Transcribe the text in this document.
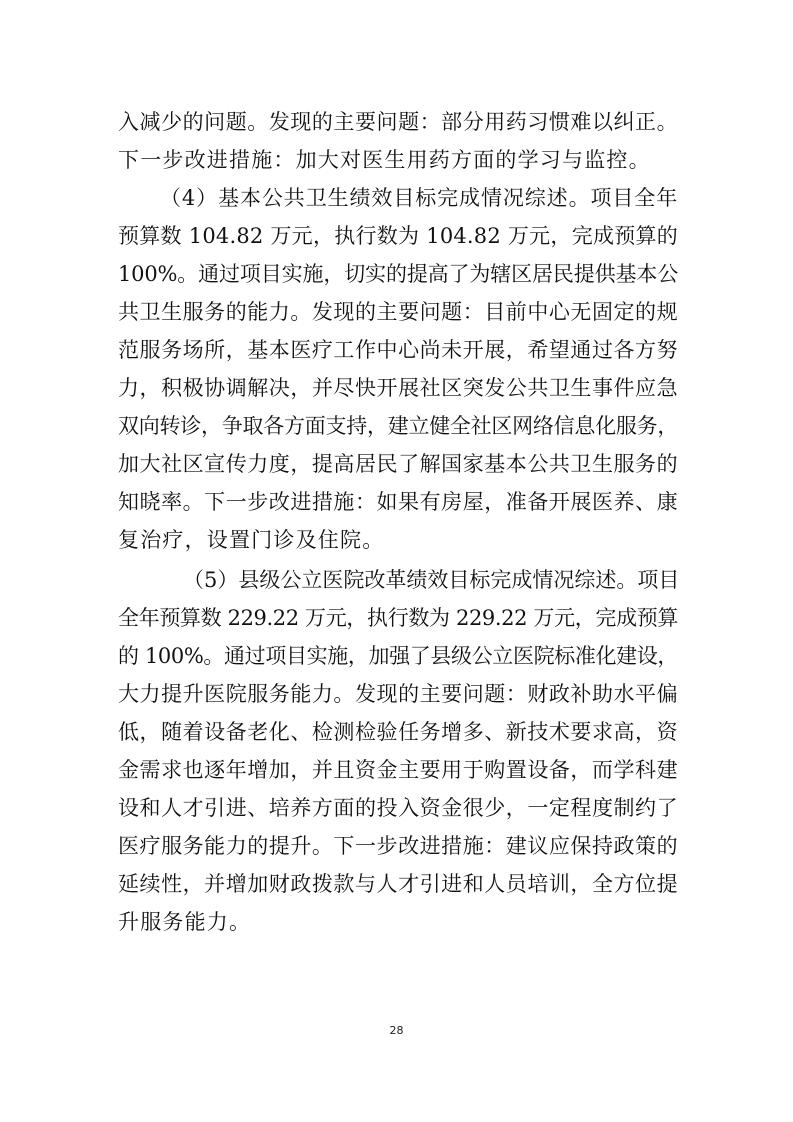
入减少的问题。发现的主要问题：部分用药习惯难以纠正。
下一步改进措施：加大对医生用药方面的学习与监控。
（4）基本公共卫生绩效目标完成情况综述。项目全年
预算数 104.82 万元，执行数为 104.82 万元，完成预算的
100%。通过项目实施，切实的提高了为辖区居民提供基本公
共卫生服务的能力。发现的主要问题：目前中心无固定的规
范服务场所，基本医疗工作中心尚未开展，希望通过各方努
力，积极协调解决，并尽快开展社区突发公共卫生事件应急
双向转诊，争取各方面支持，建立健全社区网络信息化服务，
加大社区宣传力度，提高居民了解国家基本公共卫生服务的
知晓率。下一步改进措施：如果有房屋，准备开展医养、康
复治疗，设置门诊及住院。
（5）县级公立医院改革绩效目标完成情况综述。项目
全年预算数 229.22 万元，执行数为 229.22 万元，完成预算
的 100%。通过项目实施，加强了县级公立医院标准化建设，
大力提升医院服务能力。发现的主要问题：财政补助水平偏
低，随着设备老化、检测检验任务增多、新技术要求高，资
金需求也逐年增加，并且资金主要用于购置设备，而学科建
设和人才引进、培养方面的投入资金很少，一定程度制约了
医疗服务能力的提升。下一步改进措施：建议应保持政策的
延续性，并增加财政拨款与人才引进和人员培训，全方位提
升服务能力。
28
